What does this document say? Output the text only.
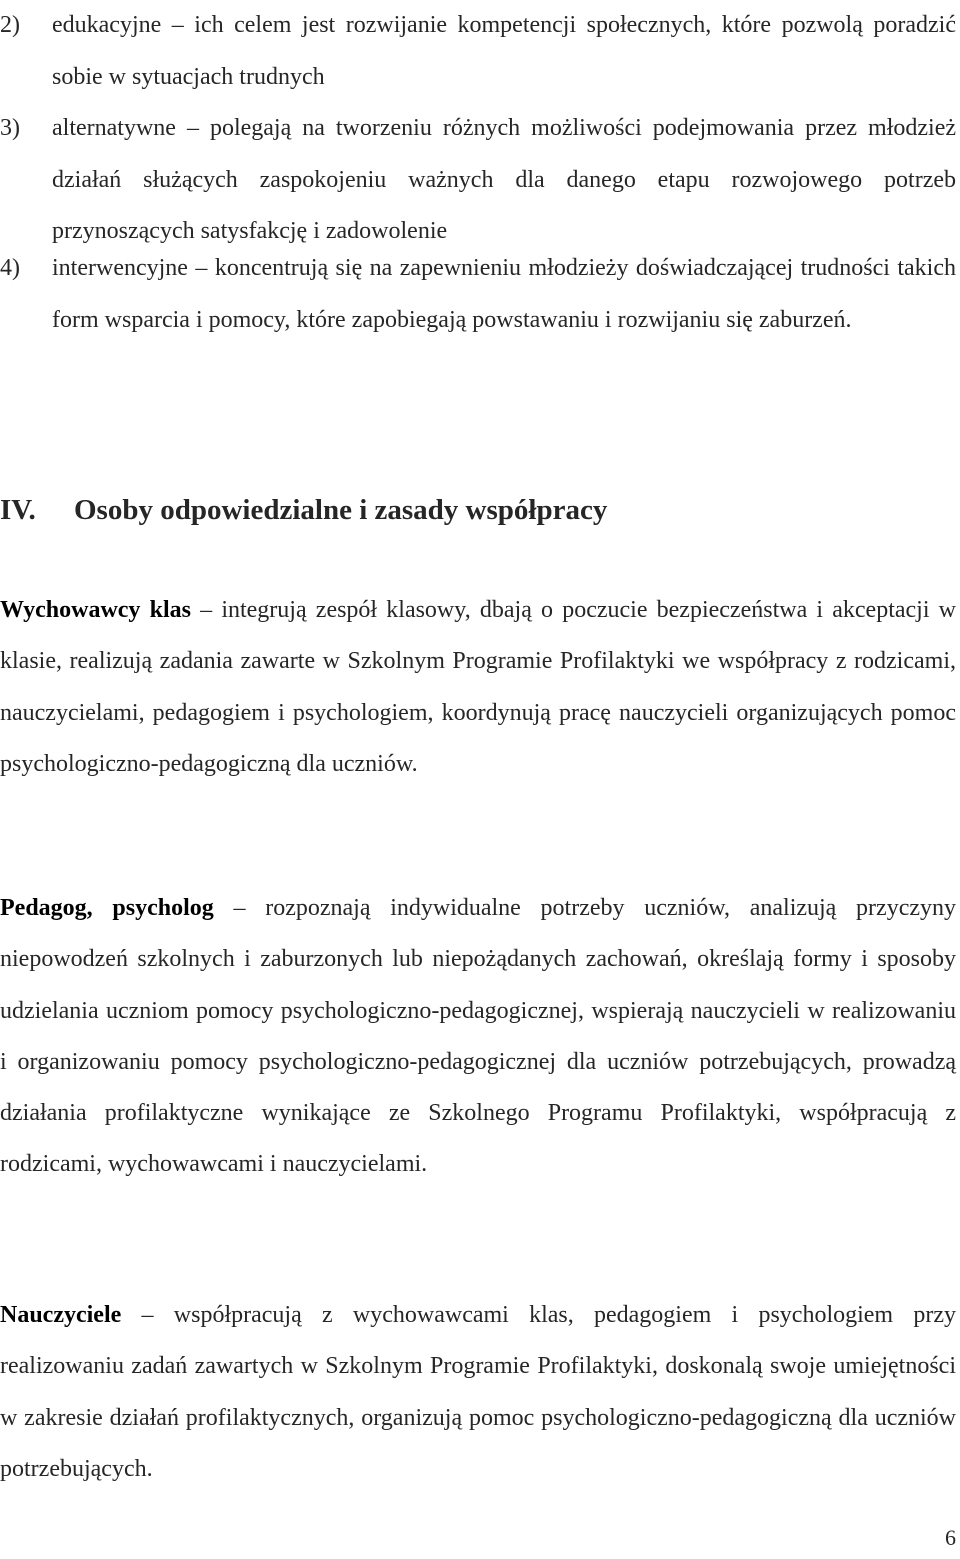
2)	edukacyjne – ich celem jest rozwijanie kompetencji społecznych, które pozwolą poradzić sobie w sytuacjach trudnych
3)	alternatywne – polegają na tworzeniu różnych możliwości podejmowania przez młodzież działań służących zaspokojeniu ważnych dla danego etapu rozwojowego potrzeb przynoszących satysfakcję i zadowolenie
4)	interwencyjne – koncentrują się na zapewnieniu młodzieży doświadczającej trudności takich form wsparcia i pomocy, które zapobiegają powstawaniu i rozwijaniu się zaburzeń.
IV. Osoby odpowiedzialne i zasady współpracy
Wychowawcy klas – integrują zespół klasowy, dbają o poczucie bezpieczeństwa i akceptacji w klasie, realizują zadania zawarte w Szkolnym Programie Profilaktyki we współpracy z rodzicami, nauczycielami, pedagogiem i psychologiem, koordynują pracę nauczycieli organizujących pomoc psychologiczno-pedagogiczną dla uczniów.
Pedagog, psycholog – rozpoznają indywidualne potrzeby uczniów, analizują przyczyny niepowodzeń szkolnych i zaburzonych lub niepożądanych zachowań, określają formy i sposoby udzielania uczniom pomocy psychologiczno-pedagogicznej, wspierają nauczycieli w realizowaniu i organizowaniu pomocy psychologiczno-pedagogicznej dla uczniów potrzebujących, prowadzą działania profilaktyczne wynikające ze Szkolnego Programu Profilaktyki, współpracują z rodzicami, wychowawcami i nauczycielami.
Nauczyciele – współpracują z wychowawcami klas, pedagogiem i psychologiem przy realizowaniu zadań zawartych w Szkolnym Programie Profilaktyki, doskonalą swoje umiejętności w zakresie działań profilaktycznych, organizują pomoc psychologiczno-pedagogiczną dla uczniów potrzebujących.
6
